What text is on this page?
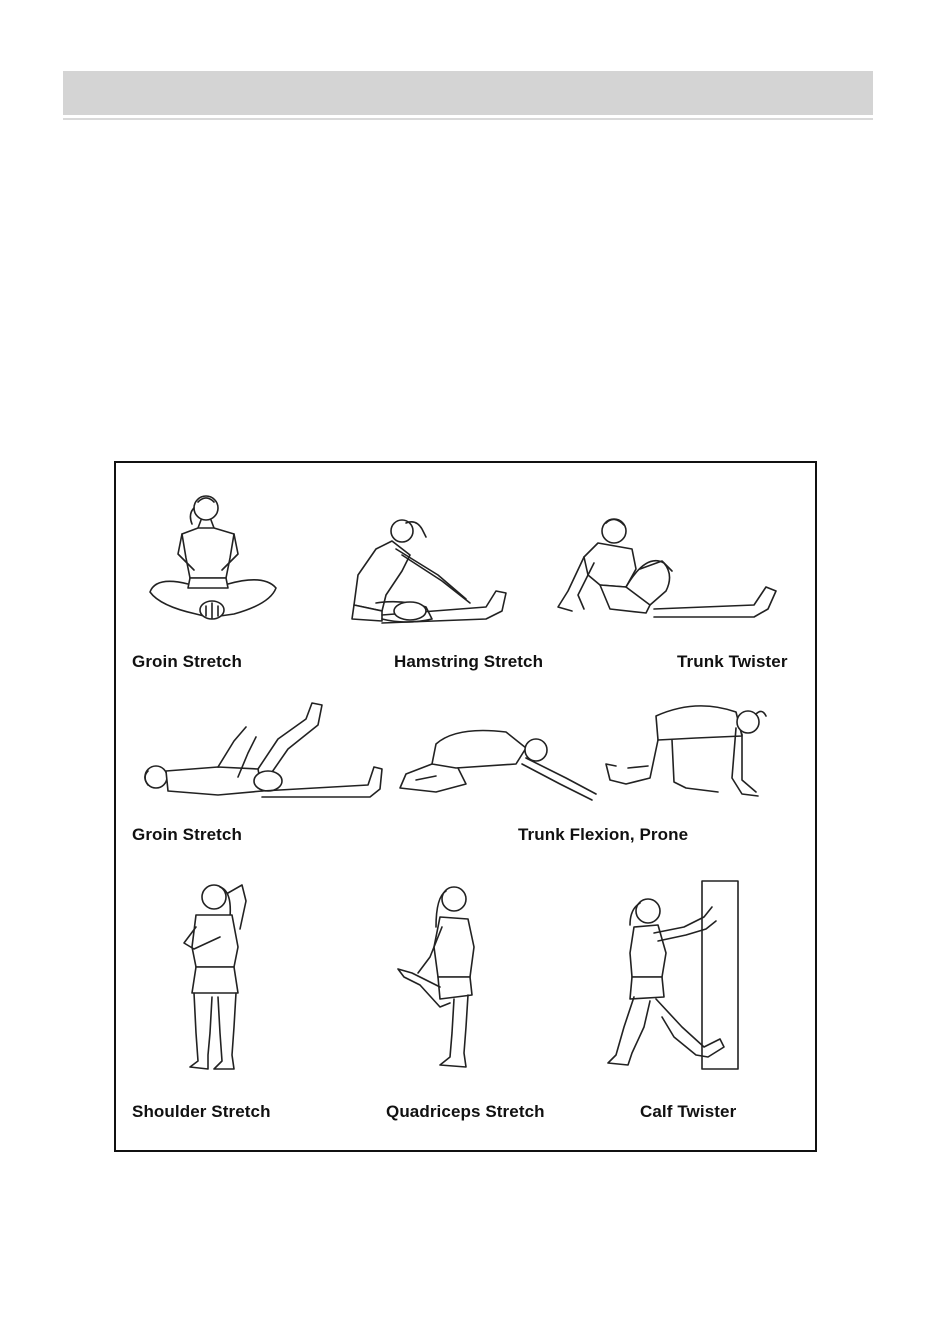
Groin Stretch	Hamstring Stretch	Trunk Twister
Groin Stretch	Trunk Flexion, Prone
Shoulder Stretch	Quadriceps Stretch	Calf Twister
